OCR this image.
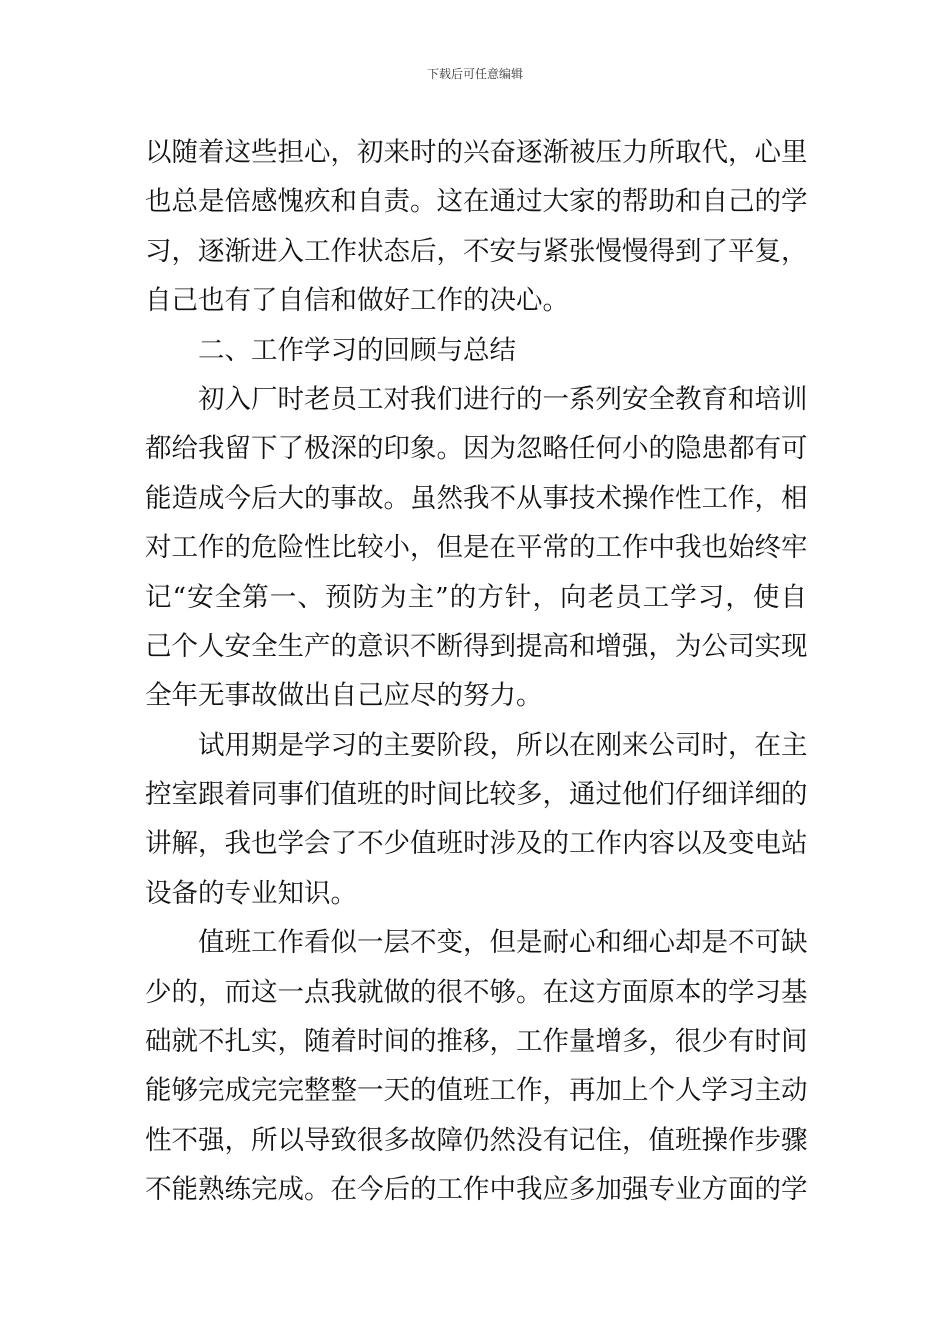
下载后可任意编辑
以随着这些担心，初来时的兴奋逐渐被压力所取代，心里
也总是倍感愧疚和自责。这在通过大家的帮助和自己的学
习，逐渐进入工作状态后，不安与紧张慢慢得到了平复，
自己也有了自信和做好工作的决心。
二、工作学习的回顾与总结
初入厂时老员工对我们进行的一系列安全教育和培训
都给我留下了极深的印象。因为忽略任何小的隐患都有可
能造成今后大的事故。虽然我不从事技术操作性工作，相
对工作的危险性比较小，但是在平常的工作中我也始终牢
记“安全第一、预防为主”的方针，向老员工学习，使自
己个人安全生产的意识不断得到提高和增强，为公司实现
全年无事故做出自己应尽的努力。
试用期是学习的主要阶段，所以在刚来公司时，在主
控室跟着同事们值班的时间比较多，通过他们仔细详细的
讲解，我也学会了不少值班时涉及的工作内容以及变电站
设备的专业知识。
值班工作看似一层不变，但是耐心和细心却是不可缺
少的，而这一点我就做的很不够。在这方面原本的学习基
础就不扎实，随着时间的推移，工作量增多，很少有时间
能够完成完完整整一天的值班工作，再加上个人学习主动
性不强，所以导致很多故障仍然没有记住，值班操作步骤
不能熟练完成。在今后的工作中我应多加强专业方面的学
